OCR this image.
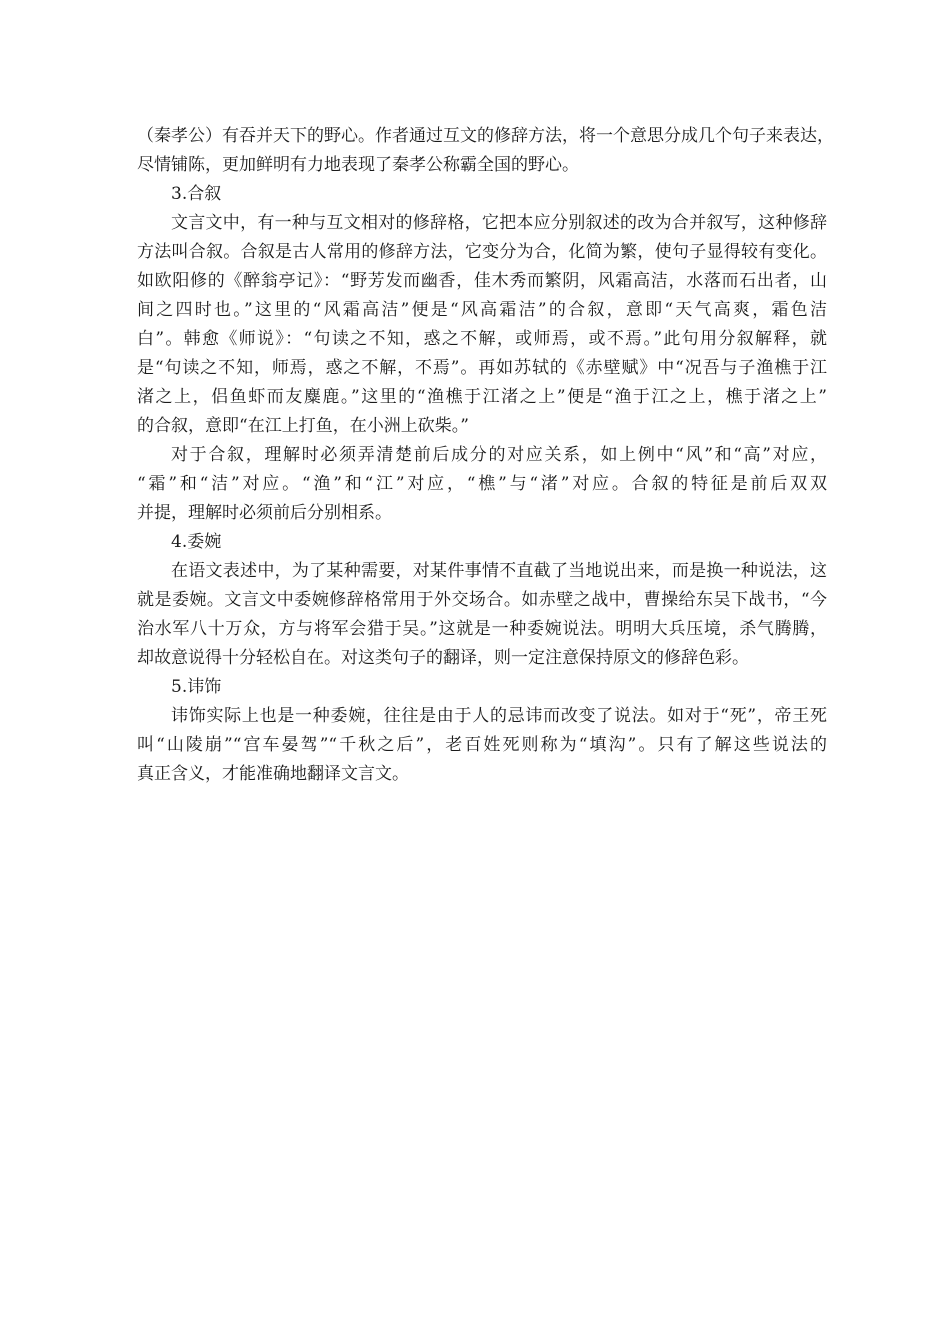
（秦孝公）有吞并天下的野心。作者通过互文的修辞方法，将一个意思分成几个句子来表达，

尽情铺陈，更加鲜明有力地表现了秦孝公称霸全国的野心。

3.合叙

文言文中，有一种与互文相对的修辞格，它把本应分别叙述的改为合并叙写，这种修辞

方法叫合叙。合叙是古人常用的修辞方法，它变分为合，化简为繁，使句子显得较有变化。

如欧阳修的《醉翁亭记》：“野芳发而幽香，佳木秀而繁阴，风霜高洁，水落而石出者，山

间之四时也。”这里的“风霜高洁”便是“风高霜洁”的合叙，意即“天气高爽，霜色洁

白”。韩愈《师说》：“句读之不知，惑之不解，或师焉，或不焉。”此句用分叙解释，就

是“句读之不知，师焉，惑之不解，不焉”。再如苏轼的《赤壁赋》中“况吾与子渔樵于江

渚之上，侣鱼虾而友麋鹿。”这里的“渔樵于江渚之上”便是“渔于江之上，樵于渚之上”

的合叙，意即“在江上打鱼，在小洲上砍柴。”

对于合叙，理解时必须弄清楚前后成分的对应关系，如上例中“风”和“高”对应，

“霜”和“洁”对应。“渔”和“江”对应，“樵”与“渚”对应。合叙的特征是前后双双

并提，理解时必须前后分别相系。

4.委婉

在语文表述中，为了某种需要，对某件事情不直截了当地说出来，而是换一种说法，这

就是委婉。文言文中委婉修辞格常用于外交场合。如赤壁之战中，曹操给东吴下战书，“今

治水军八十万众，方与将军会猎于吴。”这就是一种委婉说法。明明大兵压境，杀气腾腾，

却故意说得十分轻松自在。对这类句子的翻译，则一定注意保持原文的修辞色彩。

5.讳饰

讳饰实际上也是一种委婉，往往是由于人的忌讳而改变了说法。如对于“死”，帝王死

叫“山陵崩”“宫车晏驾”“千秋之后”，老百姓死则称为“填沟”。只有了解这些说法的

真正含义，才能准确地翻译文言文。
